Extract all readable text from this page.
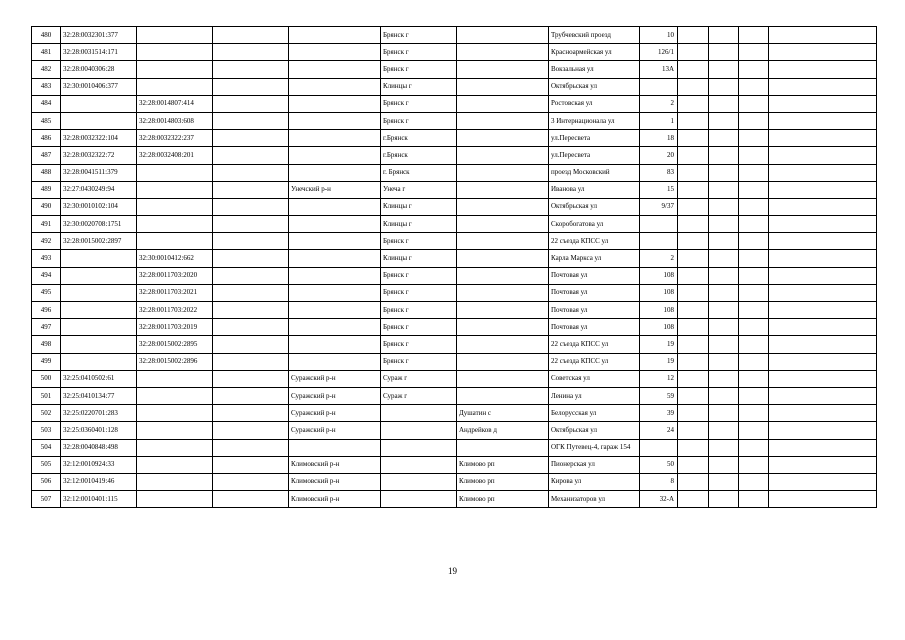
480	32:28:0032301:377				Брянск г		Трубчевский проезд	10				
481	32:28:0031514:171				Брянск г		Красноармейская ул	126/1				
482	32:28:0040306:28				Брянск г		Вокзальная ул	13А				
483	32:30:0010406:377				Клинцы г		Октябрьская ул					
484		32:28:0014807:414			Брянск г		Ростовская ул	2				
485		32:28:0014803:608			Брянск г		3 Интернационала ул	1				
486	32:28:0032322:104	32:28:0032322:237			г.Брянск		ул.Пересвета	18				
487	32:28:0032322:72	32:28:0032408:201			г.Брянск		ул.Пересвета	20				
488	32:28:0041511:379				г. Брянск		проезд Московский	83				
489	32:27:0430249:94			Унечский р-н	Унеча г		Иванова ул	15				
490	32:30:0010102:104				Клинцы г		Октябрьская ул	9/37				
491	32:30:0020708:1751				Клинцы г		Скоробогатова ул					
492	32:28:0015002:2897				Брянск г		22 съезда КПСС ул					
493		32:30:0010412:662			Клинцы г		Карла Маркса ул	2				
494		32:28:0011703:2020			Брянск г		Почтовая ул	108				
495		32:28:0011703:2021			Брянск г		Почтовая ул	108				
496		32:28:0011703:2022			Брянск г		Почтовая ул	108				
497		32:28:0011703:2019			Брянск г		Почтовая ул	108				
498		32:28:0015002:2895			Брянск г		22 съезда КПСС ул	19				
499		32:28:0015002:2896			Брянск г		22 съезда КПСС ул	19				
500	32:25:0410502:61			Суражский р-н	Сураж г		Советская ул	12				
501	32:25:0410134:77			Суражский р-н	Сураж г		Ленина ул	59				
502	32:25:0220701:283			Суражский р-н		Душатин с	Белорусская ул	39				
503	32:25:0360401:128			Суражский р-н		Андрейков д	Октябрьская ул	24				
504	32:28:0040848:498						ОГК Путевец-4, гараж 154					
505	32:12:0010924:33			Климовский р-н		Климово рп	Пионерская ул	50				
506	32:12:0010419:46			Климовский р-н		Климово рп	Кирова ул	8				
507	32:12:0010401:115			Климовский р-н		Климово рп	Механизаторов ул	32-А				
19
